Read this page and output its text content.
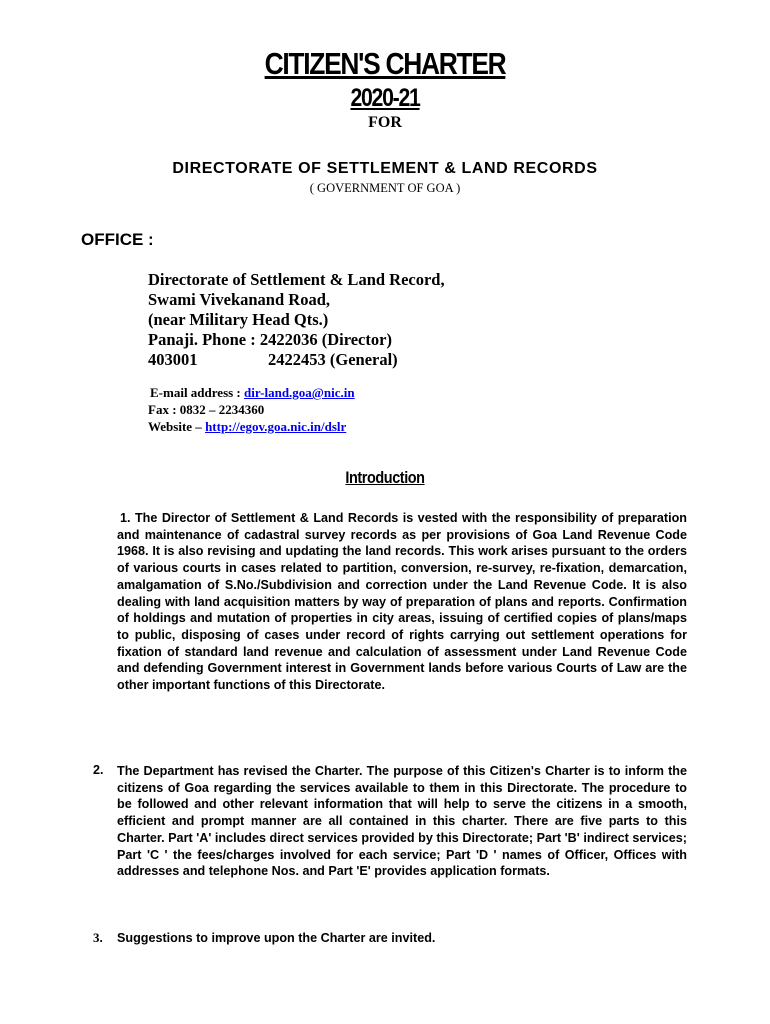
CITIZEN'S CHARTER
2020-21
FOR
DIRECTORATE OF SETTLEMENT & LAND RECORDS
( GOVERNMENT OF GOA )
OFFICE :
Directorate of Settlement & Land Record,
Swami Vivekanand Road,
(near Military Head Qts.)
Panaji. Phone : 2422036 (Director)
403001	2422453 (General)
E-mail address : dir-land.goa@nic.in
Fax : 0832 – 2234360
Website – http://egov.goa.nic.in/dslr
Introduction
1. The Director of Settlement & Land Records is vested with the responsibility of preparation and maintenance of cadastral survey records as per provisions of Goa Land Revenue Code 1968. It is also revising and updating the land records. This work arises pursuant to the orders of various courts in cases related to partition, conversion, re-survey, re-fixation, demarcation, amalgamation of S.No./Subdivision and correction under the Land Revenue Code. It is also dealing with land acquisition matters by way of preparation of plans and reports. Confirmation of holdings and mutation of properties in city areas, issuing of certified copies of plans/maps to public, disposing of cases under record of rights carrying out settlement operations for fixation of standard land revenue and calculation of assessment under Land Revenue Code and defending Government interest in Government lands before various Courts of Law are the other important functions of this Directorate.
2. The Department has revised the Charter. The purpose of this Citizen's Charter is to inform the citizens of Goa regarding the services available to them in this Directorate. The procedure to be followed and other relevant information that will help to serve the citizens in a smooth, efficient and prompt manner are all contained in this charter. There are five parts to this Charter. Part 'A' includes direct services provided by this Directorate; Part 'B' indirect services; Part 'C ' the fees/charges involved for each service; Part 'D ' names of Officer, Offices with addresses and telephone Nos. and Part 'E' provides application formats.
3. Suggestions to improve upon the Charter are invited.
